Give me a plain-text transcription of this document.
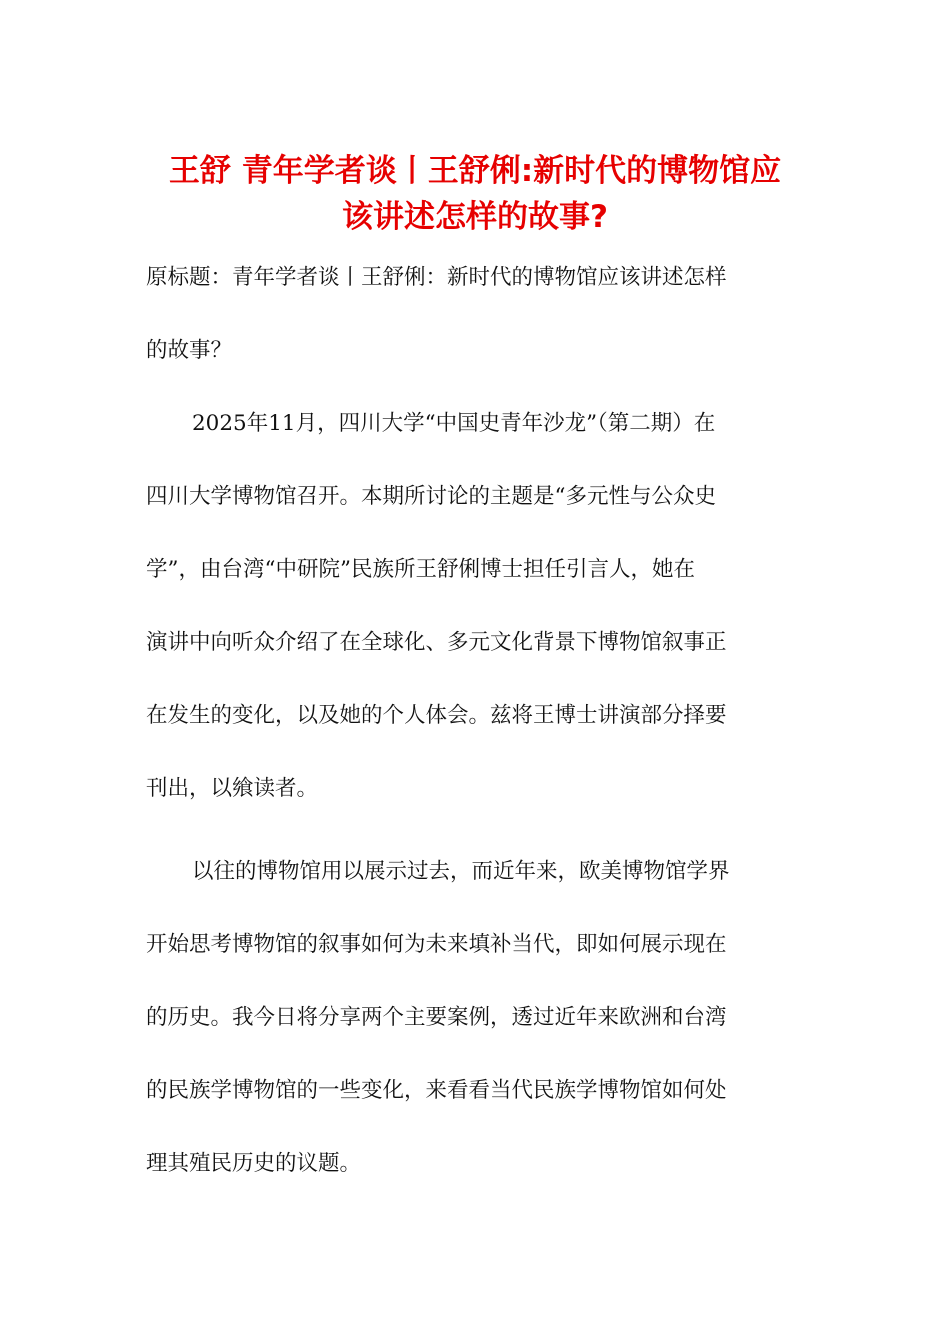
王舒 青年学者谈丨王舒俐:新时代的博物馆应
该讲述怎样的故事?

原标题：青年学者谈丨王舒俐：新时代的博物馆应该讲述怎样
的故事？

2025年11月，四川大学“中国史青年沙龙”（第二期）在
四川大学博物馆召开。本期所讨论的主题是“多元性与公众史
学”，由台湾“中研院”民族所王舒俐博士担任引言人，她在
演讲中向听众介绍了在全球化、多元文化背景下博物馆叙事正
在发生的变化，以及她的个人体会。兹将王博士讲演部分择要
刊出，以飨读者。

以往的博物馆用以展示过去，而近年来，欧美博物馆学界
开始思考博物馆的叙事如何为未来填补当代，即如何展示现在
的历史。我今日将分享两个主要案例，透过近年来欧洲和台湾
的民族学博物馆的一些变化，来看看当代民族学博物馆如何处
理其殖民历史的议题。
